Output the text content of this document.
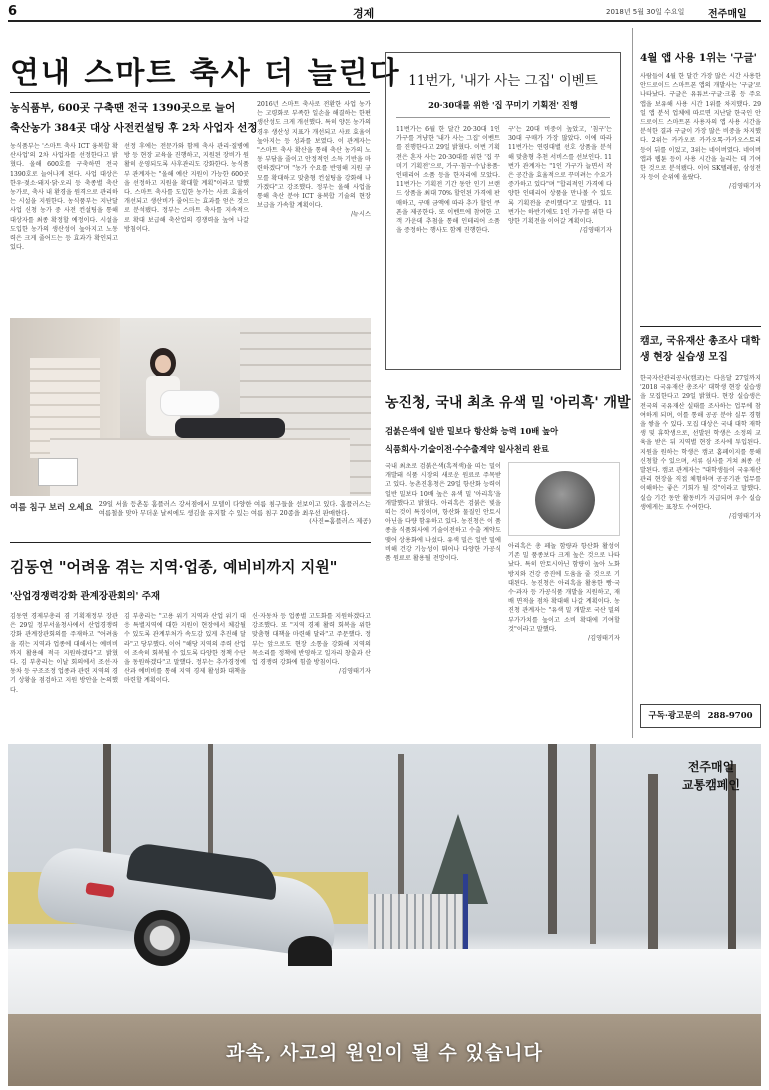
6	경제	2018년 5월 30일 수요일 전주매일
연내 스마트 축사 더 늘린다
농식품부, 600곳 구축땐 전국 1390곳으로 늘어
축산농가 384곳 대상 사전컨설팅 후 2차 사업자 선정
농식품부는 '스마트 축사 ICT 융복합 확산사업'의 2차 사업자를 선정한다고 밝혔다. 올해 600호를 구축하면 전국 1390호로 늘어나게 된다. 사업 대상은 한우·젖소·돼지·닭·오리 등 축종별 축산농가로, 축사 내 환경을 원격으로 관리하는 시설을 지원한다. 농식품부는 지난달 사업 신청 농가 중 사전 컨설팅을 통해 대상자를 최종 확정할 예정이다. 시설을 도입한 농가의 생산성이 높아지고 노동력은 크게 줄어드는 등 효과가 확인되고 있다.
선정 후에는 전문가와 함께 축사 관리·질병예방 등 현장 교육을 진행하고, 지원된 장비가 원활히 운영되도록 사후관리도 강화한다. 농식품부 관계자는 "올해 예산 지원이 가능한 600곳을 선정하고 지원을 확대할 계획"이라고 말했다. 스마트 축사를 도입한 농가는 사료 효율이 개선되고 생산비가 줄어드는 효과를 얻은 것으로 분석됐다. 정부는 스마트 축사를 지속적으로 확대 보급해 축산업의 경쟁력을 높여 나갈 방침이다.
2016년 스마트 축사로 전환한 사업 농가는 고령화로 부족한 일손을 해결하는 한편 생산성도 크게 개선했다. 특히 양돈 농가의 경우 생산성 지표가 개선되고 사료 효율이 높아지는 등 성과를 보였다. 이 관계자는 "스마트 축사 확산을 통해 축산 농가의 노동 부담을 줄이고 안정적인 소득 기반을 마련하겠다"며 "농가 수요를 반영해 지원 규모를 확대하고 맞춤형 컨설팅을 강화해 나가겠다"고 강조했다. 정부는 올해 사업을 통해 축산 분야 ICT 융복합 기술의 현장 보급을 가속할 계획이다.
/뉴시스
여름 침구 보러 오세요 29일 서울 등촌동 홈플러스 강서점에서 모델이 다양한 여름 침구들을 선보이고 있다. 홈플러스는 여름철을 맞아 무더운 날씨에도 생김을 유지할 수 있는 여름 침구 20종을 최우선 판매한다.
(사진=홈플러스 제공)
김동연 "어려움 겪는 지역·업종, 예비비까지 지원"
'산업경쟁력강화 관계장관회의' 주재
김동연 경제부총리 겸 기획재정부 장관은 29일 정부서울청사에서 산업경쟁력강화 관계장관회의를 주재하고 "어려움을 겪는 지역과 업종에 대해서는 예비비까지 활용해 적극 지원하겠다"고 밝혔다. 김 부총리는 이날 회의에서 조선·자동차 등 구조조정 업종과 관련 지역의 경기 상황을 점검하고 지원 방안을 논의했다.
김 부총리는 "고용 위기 지역과 산업 위기 대응 특별지역에 대한 지원이 현장에서 체감될 수 있도록 관계부처가 속도감 있게 추진해 달라"고 당부했다. 이어 "해당 지역의 주력 산업이 조속히 회복될 수 있도록 다양한 정책 수단을 동원하겠다"고 말했다. 정부는 추가경정예산과 예비비를 통해 지역 경제 활성화 대책을 마련할 계획이다.
신·자동차 등 업종별 고도화를 지원하겠다고 강조했다. 또 "지역 경제 활력 회복을 위한 맞춤형 대책을 마련해 달라"고 주문했다. 정부는 앞으로도 현장 소통을 강화해 지역의 목소리를 정책에 반영하고 일자리 창출과 산업 경쟁력 강화에 힘쓸 방침이다.
/김영태기자
11번가, '내가 사는 그집' 이벤트
20·30대를 위한 '집 꾸미기 기획전' 진행
11번가는 6월 한 달간 20·30대 1인 가구를 겨냥한 '내가 사는 그집' 이벤트를 진행한다고 29일 밝혔다. 이번 기획전은 혼자 사는 20·30대를 위한 '집 꾸미기 기획전'으로, 가구·침구·수납용품·인테리어 소품 등을 한자리에 모았다. 11번가는 기획전 기간 동안 인기 브랜드 상품을 최대 70% 할인된 가격에 판매하고, 구매 금액에 따라 추가 할인 쿠폰을 제공한다. 또 이벤트에 참여한 고객 가운데 추첨을 통해 인테리어 소품을 증정하는 행사도 함께 진행한다.
구'는 20대 비중이 높았고, '침구'는 30대 구매가 가장 많았다. 이에 따라 11번가는 연령대별 선호 상품을 분석해 맞춤형 추천 서비스를 선보인다. 11번가 관계자는 "1인 가구가 늘면서 작은 공간을 효율적으로 꾸미려는 수요가 증가하고 있다"며 "합리적인 가격에 다양한 인테리어 상품을 만나볼 수 있도록 기획전을 준비했다"고 말했다. 11번가는 하반기에도 1인 가구를 위한 다양한 기획전을 이어갈 계획이다.
/김영태기자
농진청, 국내 최초 유색 밀 '아리흑' 개발
검붉은색에 일반 밀보다 항산화 능력 10배 높아
식품회사·기술이전·수수출계약 일사천리 완료
국내 최초로 검붉은색(흑적색)을 띠는 밀이 개발돼 식품 시장의 새로운 원료로 주목받고 있다. 농촌진흥청은 29일 항산화 능력이 일반 밀보다 10배 높은 유색 밀 '아리흑'을 개발했다고 밝혔다. 아리흑은 검붉은 빛을 띠는 것이 특징이며, 항산화 물질인 안토시아닌을 다량 함유하고 있다. 농진청은 이 품종을 식품회사에 기술이전하고 수출 계약도 맺어 상용화에 나섰다. 유색 밀은 일반 밀에 비해 건강 기능성이 뛰어나 다양한 가공식품 원료로 활용될 전망이다.
아리흑은 총 페놀 함량과 항산화 활성이 기존 밀 품종보다 크게 높은 것으로 나타났다. 특히 안토시아닌 함량이 높아 노화 방지와 건강 증진에 도움을 줄 것으로 기대된다. 농진청은 아리흑을 활용한 빵·국수·과자 등 가공식품 개발을 지원하고, 재배 면적을 점차 확대해 나갈 계획이다. 농진청 관계자는 "유색 밀 개발로 국산 밀의 부가가치를 높이고 소비 확대에 기여할 것"이라고 말했다.
/김영태기자
4월 앱 사용 1위는 '구글'
사람들이 4월 한 달간 가장 많은 시간 사용한 안드로이드 스마트폰 앱의 개발사는 '구글'로 나타났다. 구글은 유튜브·구글·크롬 등 주요 앱을 보유해 사용 시간 1위를 차지했다. 29일 앱 분석 업체에 따르면 지난달 한국인 안드로이드 스마트폰 사용자의 앱 사용 시간을 분석한 결과 구글이 가장 많은 비중을 차지했다. 2위는 카카오로 카카오톡·카카오스토리 등이 뒤를 이었고, 3위는 네이버였다. 네이버 앱과 웹툰 등이 사용 시간을 늘리는 데 기여한 것으로 분석됐다. 이어 SK텔레콤, 삼성전자 등이 순위에 올랐다.
/김영태기자
캠코, 국유재산 총조사 대학생 현장 실습생 모집
한국자산관리공사(캠코)는 다음달 27일까지 '2018 국유재산 총조사' 대학생 현장 실습생을 모집한다고 29일 밝혔다. 현장 실습생은 전국의 국유재산 실태를 조사하는 업무에 참여하게 되며, 이를 통해 공공 분야 실무 경험을 쌓을 수 있다. 모집 대상은 국내 대학 재학생 및 휴학생으로, 선발된 학생은 소정의 교육을 받은 뒤 지역별 현장 조사에 투입된다. 지원을 원하는 학생은 캠코 홈페이지를 통해 신청할 수 있으며, 서류 심사를 거쳐 최종 선발된다. 캠코 관계자는 "대학생들이 국유재산 관리 현장을 직접 체험하며 공공기관 업무를 이해하는 좋은 기회가 될 것"이라고 말했다. 실습 기간 동안 활동비가 지급되며 우수 실습생에게는 표창도 수여한다.
/김영태기자
구독·광고문의 288-9700
전주매일
교통캠페인
과속, 사고의 원인이 될 수 있습니다
